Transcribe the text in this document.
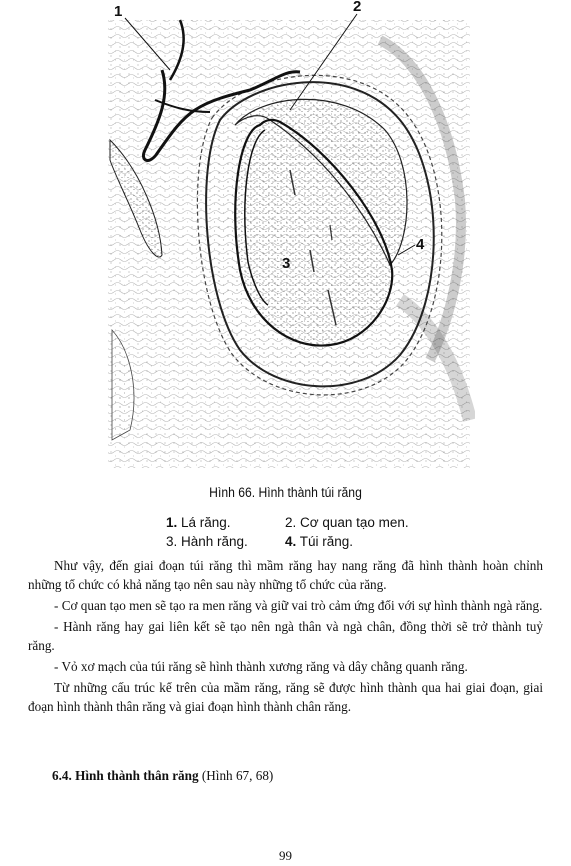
1	2
3
4
Hình 66. Hình thành túi răng
1. Lá răng.	2. Cơ quan tạo men.
3. Hành răng.	4. Túi răng.

Như vậy, đến giai đoạn túi răng thì mầm răng hay nang răng đã hình thành hoàn chỉnh những tổ chức có khả năng tạo nên sau này những tổ chức của răng.

- Cơ quan tạo men sẽ tạo ra men răng và giữ vai trò cảm ứng đối với sự hình thành ngà răng.

- Hành răng hay gai liên kết sẽ tạo nên ngà thân và ngà chân, đồng thời sẽ trở thành tuỷ răng.

- Vỏ xơ mạch của túi răng sẽ hình thành xương răng và dây chằng quanh răng.

Từ những cấu trúc kể trên của mầm răng, răng sẽ được hình thành qua hai giai đoạn, giai đoạn hình thành thân răng và giai đoạn hình thành chân răng.

6.4. Hình thành thân răng (Hình 67, 68)
99
